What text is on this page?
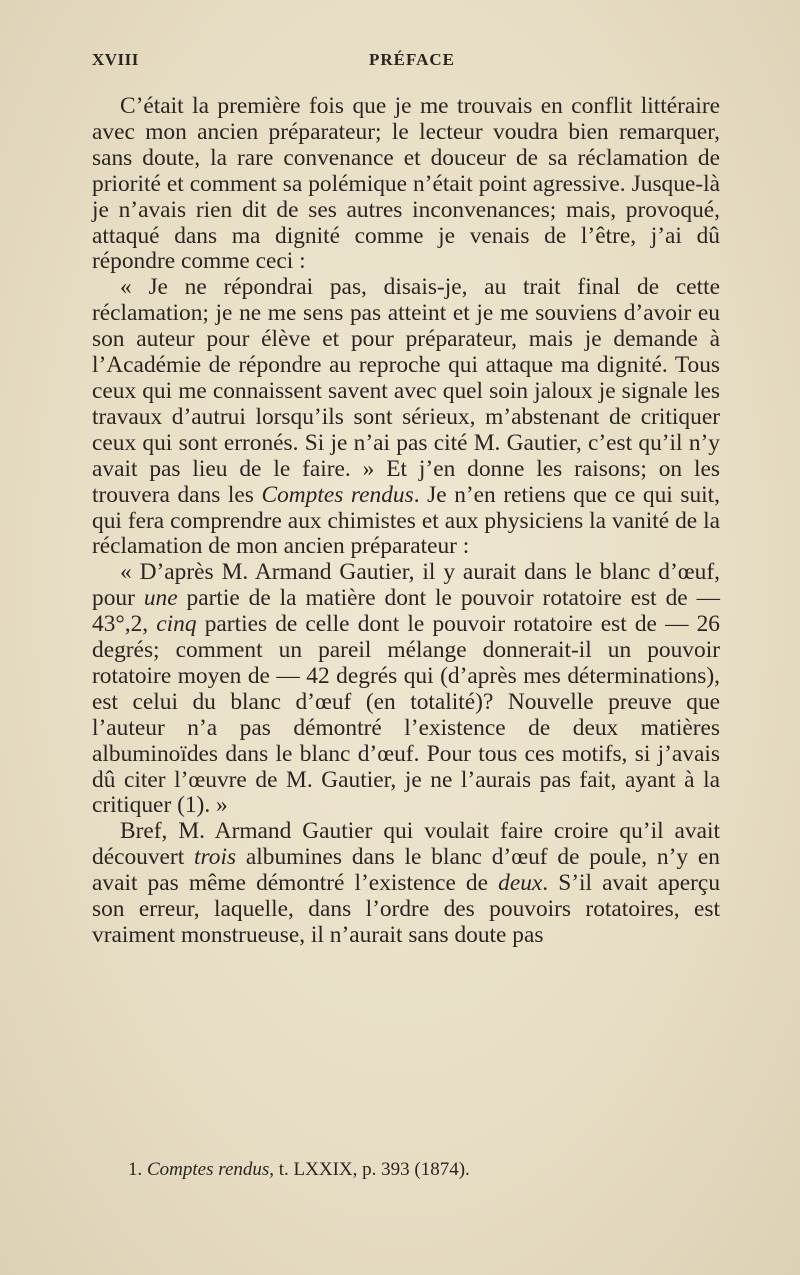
XVIII	PRÉFACE

C’était la première fois que je me trouvais en conflit littéraire avec mon ancien préparateur; le lecteur voudra bien remarquer, sans doute, la rare convenance et douceur de sa réclamation de priorité et comment sa polémique n’était point agressive. Jusque-là je n’avais rien dit de ses autres inconvenances; mais, provoqué, attaqué dans ma dignité comme je venais de l’être, j’ai dû répondre comme ceci :

« Je ne répondrai pas, disais-je, au trait final de cette réclamation; je ne me sens pas atteint et je me souviens d’avoir eu son auteur pour élève et pour préparateur, mais je demande à l’Académie de répondre au reproche qui attaque ma dignité. Tous ceux qui me connaissent savent avec quel soin jaloux je signale les travaux d’autrui lorsqu’ils sont sérieux, m’abstenant de critiquer ceux qui sont erronés. Si je n’ai pas cité M. Gautier, c’est qu’il n’y avait pas lieu de le faire. » Et j’en donne les raisons; on les trouvera dans les Comptes rendus. Je n’en retiens que ce qui suit, qui fera comprendre aux chimistes et aux physiciens la vanité de la réclamation de mon ancien préparateur :

« D’après M. Armand Gautier, il y aurait dans le blanc d’œuf, pour une partie de la matière dont le pouvoir rotatoire est de — 43°,2, cinq parties de celle dont le pouvoir rotatoire est de — 26 degrés; comment un pareil mélange donnerait-il un pouvoir rotatoire moyen de — 42 degrés qui (d’après mes déterminations), est celui du blanc d’œuf (en totalité)? Nouvelle preuve que l’auteur n’a pas démontré l’existence de deux matières albuminoïdes dans le blanc d’œuf. Pour tous ces motifs, si j’avais dû citer l’œuvre de M. Gautier, je ne l’aurais pas fait, ayant à la critiquer (1). »

Bref, M. Armand Gautier qui voulait faire croire qu’il avait découvert trois albumines dans le blanc d’œuf de poule, n’y en avait pas même démontré l’existence de deux. S’il avait aperçu son erreur, laquelle, dans l’ordre des pouvoirs rotatoires, est vraiment monstrueuse, il n’aurait sans doute pas

1. Comptes rendus, t. LXXIX, p. 393 (1874).
